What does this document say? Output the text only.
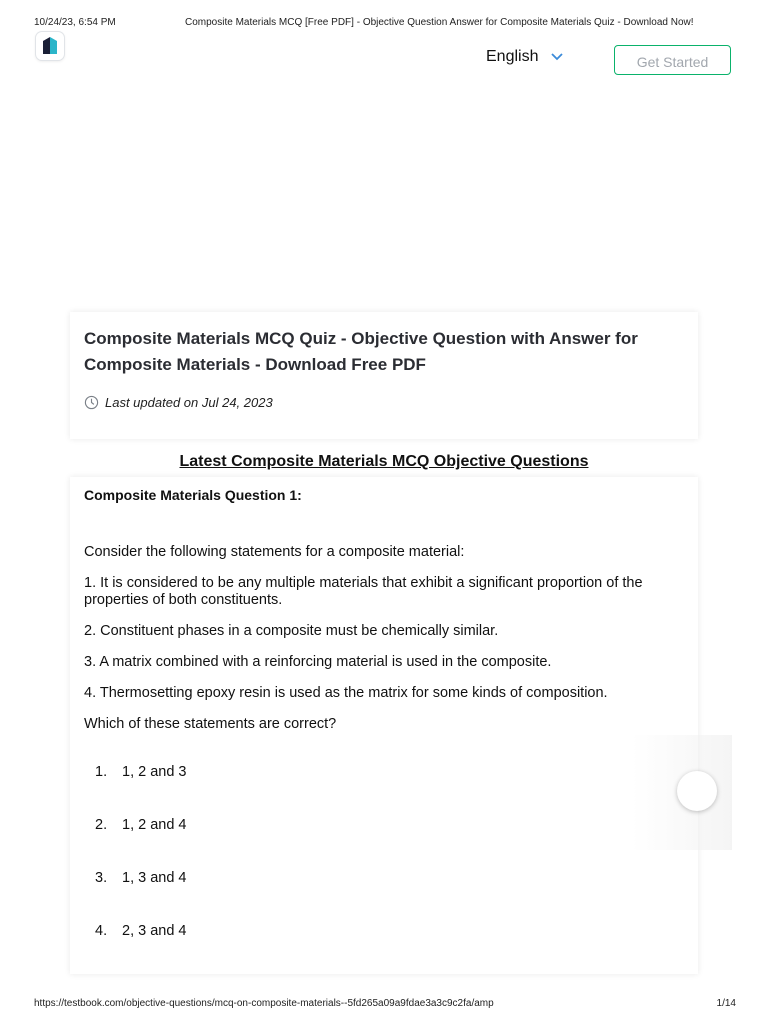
10/24/23, 6:54 PM	Composite Materials MCQ [Free PDF] - Objective Question Answer for Composite Materials Quiz - Download Now!
English	Get Started
Composite Materials MCQ Quiz - Objective Question with Answer for
Composite Materials - Download Free PDF
Last updated on Jul 24, 2023
Latest Composite Materials MCQ Objective Questions
Composite Materials Question 1:

Consider the following statements for a composite material:

1. It is considered to be any multiple materials that exhibit a significant proportion of the properties of both constituents.

2. Constituent phases in a composite must be chemically similar.

3. A matrix combined with a reinforcing material is used in the composite.

4. Thermosetting epoxy resin is used as the matrix for some kinds of composition.

Which of these statements are correct?

1.	1, 2 and 3
2.	1, 2 and 4
3.	1, 3 and 4
4.	2, 3 and 4
https://testbook.com/objective-questions/mcq-on-composite-materials--5fd265a09a9fdae3a3c9c2fa/amp	1/14
